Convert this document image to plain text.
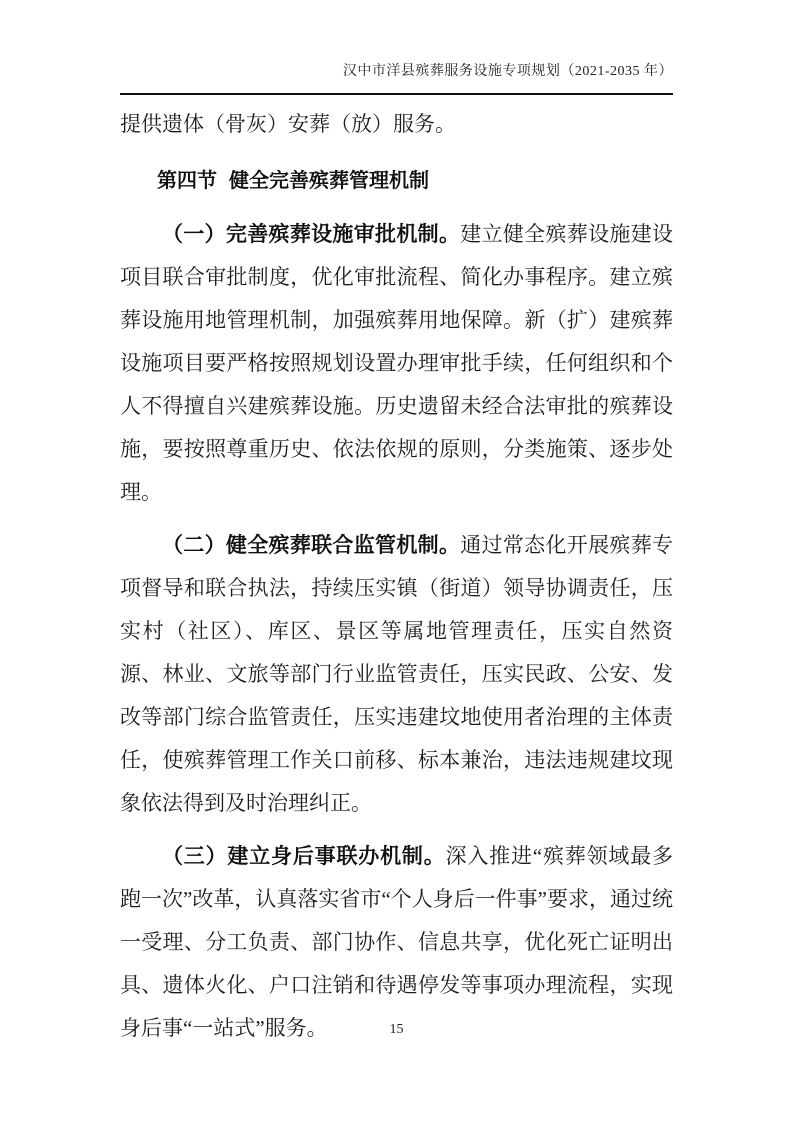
汉中市洋县殡葬服务设施专项规划（2021-2035 年）

提供遗体（骨灰）安葬（放）服务。

第四节 健全完善殡葬管理机制

（一）完善殡葬设施审批机制。建立健全殡葬设施建设项目联合审批制度，优化审批流程、简化办事程序。建立殡葬设施用地管理机制，加强殡葬用地保障。新（扩）建殡葬设施项目要严格按照规划设置办理审批手续，任何组织和个人不得擅自兴建殡葬设施。历史遗留未经合法审批的殡葬设施，要按照尊重历史、依法依规的原则，分类施策、逐步处理。

（二）健全殡葬联合监管机制。通过常态化开展殡葬专项督导和联合执法，持续压实镇（街道）领导协调责任，压实村（社区）、库区、景区等属地管理责任，压实自然资源、林业、文旅等部门行业监管责任，压实民政、公安、发改等部门综合监管责任，压实违建坟地使用者治理的主体责任，使殡葬管理工作关口前移、标本兼治，违法违规建坟现象依法得到及时治理纠正。

（三）建立身后事联办机制。深入推进“殡葬领域最多跑一次”改革，认真落实省市“个人身后一件事”要求，通过统一受理、分工负责、部门协作、信息共享，优化死亡证明出具、遗体火化、户口注销和待遇停发等事项办理流程，实现身后事“一站式”服务。	15
